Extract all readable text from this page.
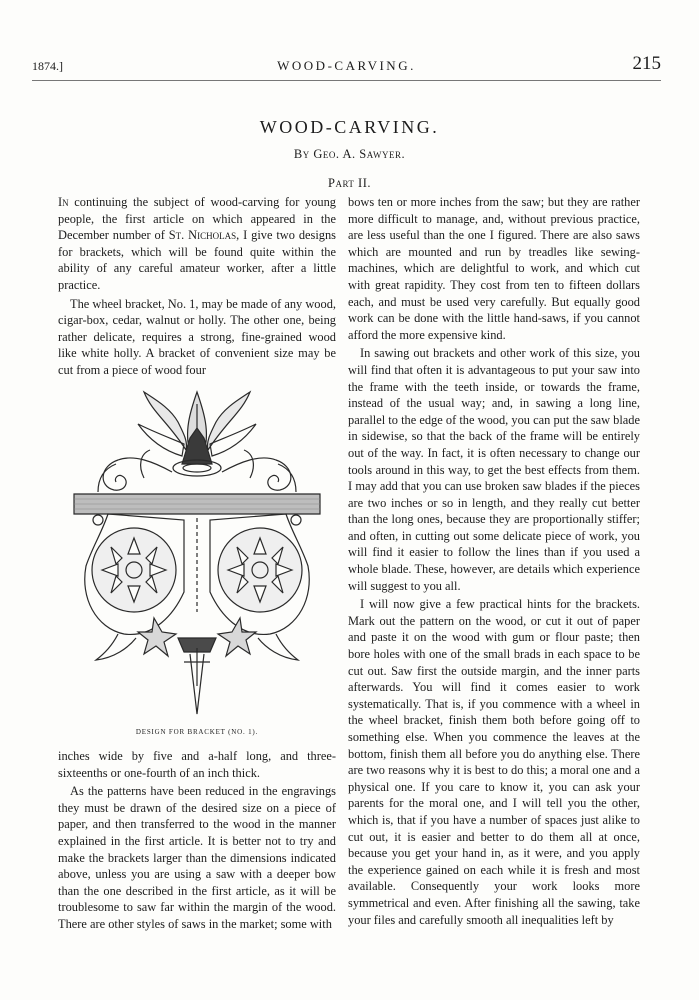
1874.]	WOOD-CARVING.	215
WOOD-CARVING.
By Geo. A. Sawyer.
Part II.

In continuing the subject of wood-carving for young people, the first article on which appeared in the December number of St. Nicholas, I give two designs for brackets, which will be found quite within the ability of any careful amateur worker, after a little practice.

The wheel bracket, No. 1, may be made of any wood, cigar-box, cedar, walnut or holly. The other one, being rather delicate, requires a strong, fine-grained wood like white holly. A bracket of convenient size may be cut from a piece of wood four

DESIGN FOR BRACKET (NO. 1).

inches wide by five and a-half long, and three-sixteenths or one-fourth of an inch thick.

As the patterns have been reduced in the engravings they must be drawn of the desired size on a piece of paper, and then transferred to the wood in the manner explained in the first article. It is better not to try and make the brackets larger than the dimensions indicated above, unless you are using a saw with a deeper bow than the one described in the first article, as it will be troublesome to saw far within the margin of the wood. There are other styles of saws in the market; some with

bows ten or more inches from the saw; but they are rather more difficult to manage, and, without previous practice, are less useful than the one I figured. There are also saws which are mounted and run by treadles like sewing-machines, which are delightful to work, and which cut with great rapidity. They cost from ten to fifteen dollars each, and must be used very carefully. But equally good work can be done with the little hand-saws, if you cannot afford the more expensive kind.

In sawing out brackets and other work of this size, you will find that often it is advantageous to put your saw into the frame with the teeth inside, or towards the frame, instead of the usual way; and, in sawing a long line, parallel to the edge of the wood, you can put the saw blade in sidewise, so that the back of the frame will be entirely out of the way. In fact, it is often necessary to change our tools around in this way, to get the best effects from them. I may add that you can use broken saw blades if the pieces are two inches or so in length, and they really cut better than the long ones, because they are proportionally stiffer; and often, in cutting out some delicate piece of work, you will find it easier to follow the lines than if you used a whole blade. These, however, are details which experience will suggest to you all.

I will now give a few practical hints for the brackets. Mark out the pattern on the wood, or cut it out of paper and paste it on the wood with gum or flour paste; then bore holes with one of the small brads in each space to be cut out. Saw first the outside margin, and the inner parts afterwards. You will find it comes easier to work systematically. That is, if you commence with a wheel in the wheel bracket, finish them both before going off to something else. When you commence the leaves at the bottom, finish them all before you do anything else. There are two reasons why it is best to do this; a moral one and a physical one. If you care to know it, you can ask your parents for the moral one, and I will tell you the other, which is, that if you have a number of spaces just alike to cut out, it is easier and better to do them all at once, because you get your hand in, as it were, and you apply the experience gained on each while it is fresh and most available. Consequently your work looks more symmetrical and even. After finishing all the sawing, take your files and carefully smooth all inequalities left by
